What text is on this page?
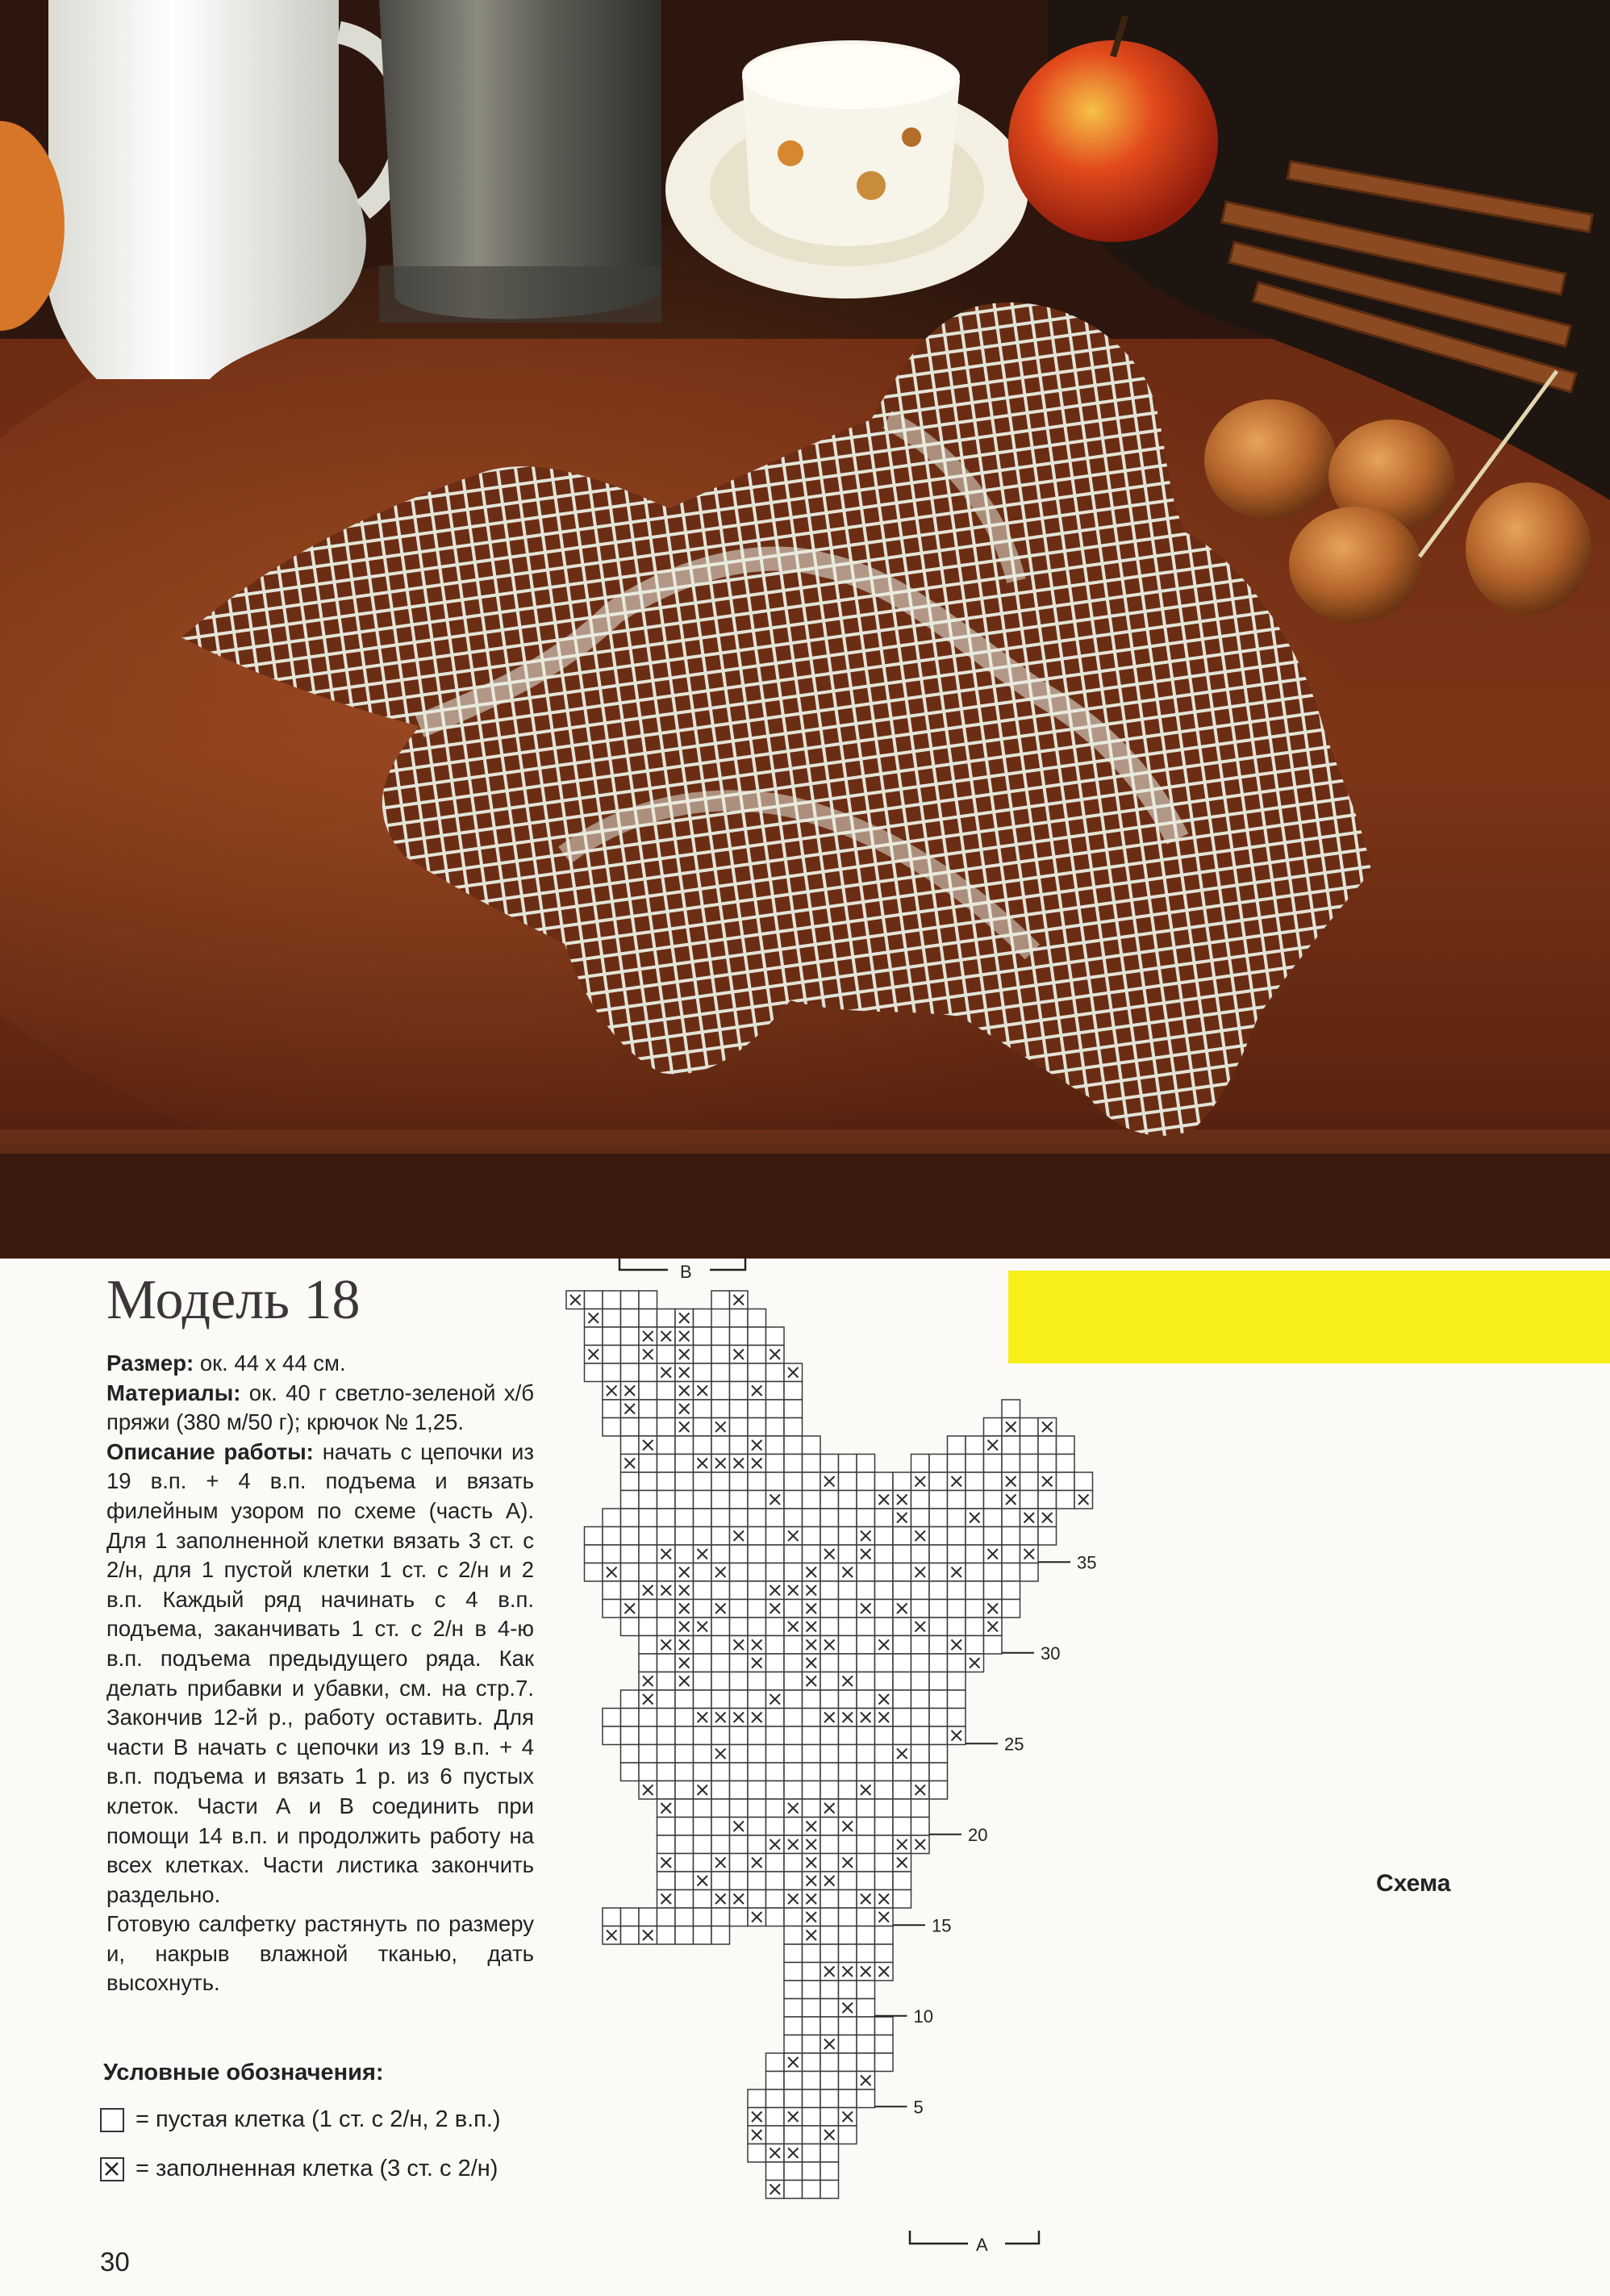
Модель 18

Размер: ок. 44 х 44 см.

Материалы: ок. 40 г светло-зеленой х/б пряжи (380 м/50 г); крючок № 1,25.

Описание работы: начать с цепочки из 19 в.п. + 4 в.п. подъема и вязать филейным узором по схеме (часть А). Для 1 заполненной клетки вязать 3 ст. с 2/н, для 1 пустой клетки 1 ст. с 2/н и 2 в.п. Каждый ряд начинать с 4 в.п. подъема, заканчивать 1 ст. с 2/н в 4-ю в.п. подъема предыдущего ряда. Как делать прибавки и убавки, см. на стр.7. Закончив 12-й р., работу оставить. Для части В начать с цепочки из 19 в.п. + 4 в.п. подъема и вязать 1 р. из 6 пустых клеток. Части А и В соединить при помощи 14 в.п. и продолжить работу на всех клетках. Части листика закончить раздельно.

Готовую салфетку растянуть по размеру и, накрыв влажной тканью, дать высохнуть.

Условные обозначения:
= пустая клетка (1 ст. с 2/н, 2 в.п.)
= заполненная клетка (3 ст. с 2/н)
30
Схема
5
10
15
20
25
30
35
В
А
